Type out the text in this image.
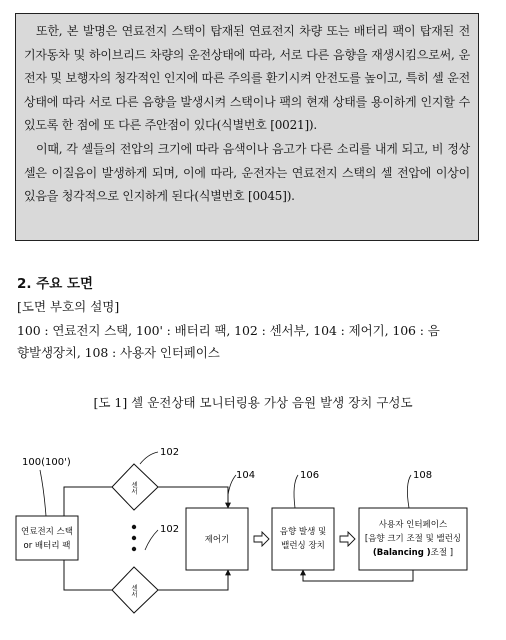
또한, 본 발명은 연료전지 스택이 탑재된 연료전지 차량 또는 배터리 팩이 탑재된 전기자동차 및 하이브리드 차량의 운전상태에 따라, 서로 다른 음향을 재생시킴으로써, 운전자 및 보행자의 청각적인 인지에 따른 주의를 환기시켜 안전도를 높이고, 특히 셀 운전 상태에 따라 서로 다른 음향을 발생시켜 스택이나 팩의 현재 상태를 용이하게 인지할 수 있도록 한 점에 또 다른 주안점이 있다(식별번호 [0021]).

이때, 각 셀들의 전압의 크기에 따라 음색이나 음고가 다른 소리를 내게 되고, 비 정상 셀은 이질음이 발생하게 되며, 이에 따라, 운전자는 연료전지 스택의 셀 전압에 이상이 있음을 청각적으로 인지하게 된다(식별번호 [0045]).

2. 주요 도면
[도면 부호의 설명]
100 : 연료전지 스택, 100' : 배터리 팩, 102 : 센서부, 104 : 제어기, 106 : 음
향발생장치, 108 : 사용자 인터페이스
[도 1] 셀 운전상태 모니터링용 가상 음원 발생 장치 구성도
100(100')
102
102
104	106	108
연료전지 스택
or 배터리 팩
센서
센서
제어기
음향 발생 및
밸런싱 장치
사용자 인터페이스
[음향 크기 조절 및 밸런싱
(Balancing )조절 ]
